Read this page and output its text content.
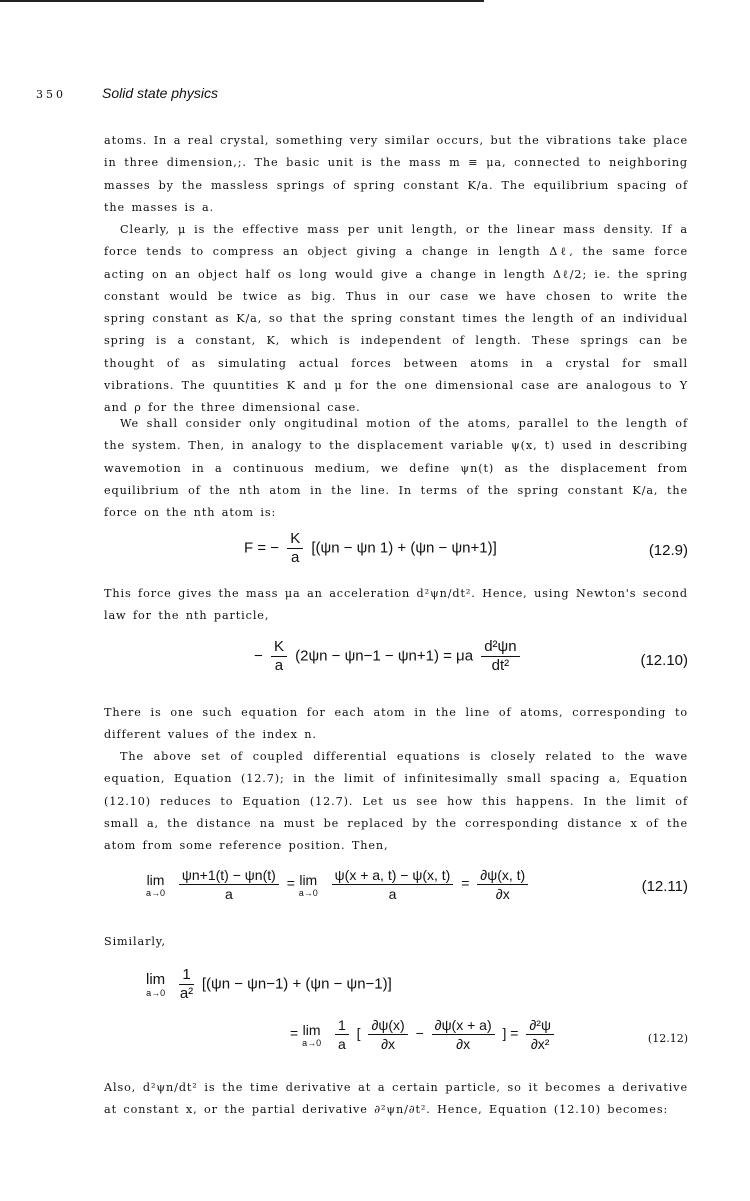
350	Solid state physics

atoms. In a real crystal, something very similar occurs, but the vibrations take place in three dimension,;. The basic unit is the mass m ≡ μa, connected to neighboring masses by the massless springs of spring constant K/a. The equilibrium spacing of the masses is a.

Clearly, μ is the effective mass per unit length, or the linear mass density. If a force tends to compress an object giving a change in length Δℓ, the same force acting on an object half os long would give a change in length Δℓ/2; ie. the spring constant would be twice as big. Thus in our case we have chosen to write the spring constant as K/a, so that the spring constant times the length of an individual spring is a constant, K, which is independent of length. These springs can be thought of as simulating actual forces between atoms in a crystal for small vibrations. The quuntities K and μ for the one dimensional case are analogous to Y and ρ for the three dimensional case.

We shall consider only ongitudinal motion of the atoms, parallel to the length of the system. Then, in analogy to the displacement variable ψ(x, t) used in describing wavemotion in a continuous medium, we define ψn(t) as the displacement from equilibrium of the nth atom in the line. In terms of the spring constant K/a, the force on the nth atom is:

F = − $\frac{K}{a} [(\psi n - \psi n$ 1) + (ψn − ψn+1)]	(12.9)

This force gives the mass μa an acceleration d²ψn/dt². Hence, using Newton's second law for the nth particle,

− $\frac{K}{a} (2\psi n - \psi n-1 - \psi n+1) = \mu a \frac{\text{d²ψn}}{\text{dt²}}$	(12.10)

There is one such equation for each atom in the line of atoms, corresponding to different values of the index n.

The above set of coupled differential equations is closely related to the wave equation, Equation (12.7); in the limit of infinitesimally small spacing a, Equation (12.10) reduces to Equation (12.7). Let us see how this happens. In the limit of small a, the distance na must be replaced by the corresponding distance x of the atom from some reference position. Then,

lim
a→0
$\frac{\psi n+1(t) - \psi n(t)}{a} = \lim$
a→0
$\frac{\psi(x + a, t) - \psi(x, t)}{a} = \frac{\partial\psi(x, t)}{\partial x}$	(12.11)

Similarly,

lim
a→0
$\frac{1}{\text{a²}} [(\psi n - \psi n-1) + (\psi n - \psi n-1)]$
= lim
a→0
$\frac{1}{a}$ [ $\frac{\partial\psi(x)}{\partial x} - \frac{\partial\psi(x + a)}{\partial x}$ ] = $\frac{\text{∂²ψ}}{\text{∂x²}}$	(12.12)

Also, d²ψn/dt² is the time derivative at a certain particle, so it becomes a derivative at constant x, or the partial derivative ∂²ψn/∂t². Hence, Equation (12.10) becomes:
